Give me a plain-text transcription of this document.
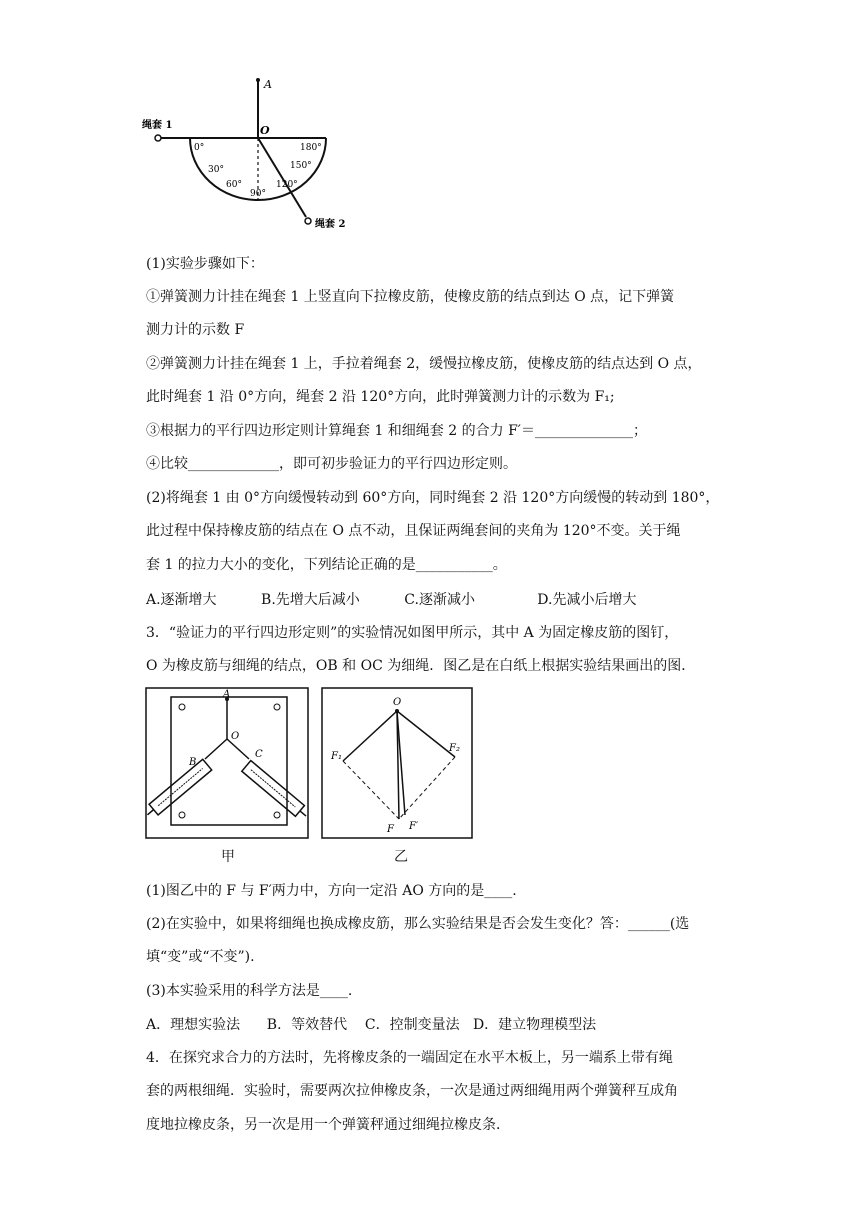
A
绳套 1	O
绳套 2
0°
30°
60°
90°
120°
150°
180°
(1)实验步骤如下：
①弹簧测力计挂在绳套 1 上竖直向下拉橡皮筋，使橡皮筋的结点到达 O 点，记下弹簧
测力计的示数 F
②弹簧测力计挂在绳套 1 上，手拉着绳套 2，缓慢拉橡皮筋，使橡皮筋的结点达到 O 点，
此时绳套 1 沿 0°方向，绳套 2 沿 120°方向，此时弹簧测力计的示数为 F₁;
③根据力的平行四边形定则计算绳套 1 和细绳套 2 的合力 F′＝______________；
④比较_____________，即可初步验证力的平行四边形定则。
(2)将绳套 1 由 0°方向缓慢转动到 60°方向，同时绳套 2 沿 120°方向缓慢的转动到 180°，
此过程中保持橡皮筋的结点在 O 点不动，且保证两绳套间的夹角为 120°不变。关于绳
套 1 的拉力大小的变化，下列结论正确的是___________。
A.逐渐增大          B.先增大后减小          C.逐渐减小              D.先减小后增大
3．“验证力的平行四边形定则”的实验情况如图甲所示，其中 A 为固定橡皮筋的图钉，
O 为橡皮筋与细绳的结点，OB 和 OC 为细绳．图乙是在白纸上根据实验结果画出的图．
A
O
B
C
甲
O
F₁
F₂
F F′
乙
(1)图乙中的 F 与 F′两力中，方向一定沿 AO 方向的是____.
(2)在实验中，如果将细绳也换成橡皮筋，那么实验结果是否会发生变化？答：______(选
填“变”或“不变”).
(3)本实验采用的科学方法是____.
A．理想实验法      B．等效替代    C．控制变量法   D．建立物理模型法
4．在探究求合力的方法时，先将橡皮条的一端固定在水平木板上，另一端系上带有绳
套的两根细绳．实验时，需要两次拉伸橡皮条，一次是通过两细绳用两个弹簧秤互成角
度地拉橡皮条，另一次是用一个弹簧秤通过细绳拉橡皮条．
